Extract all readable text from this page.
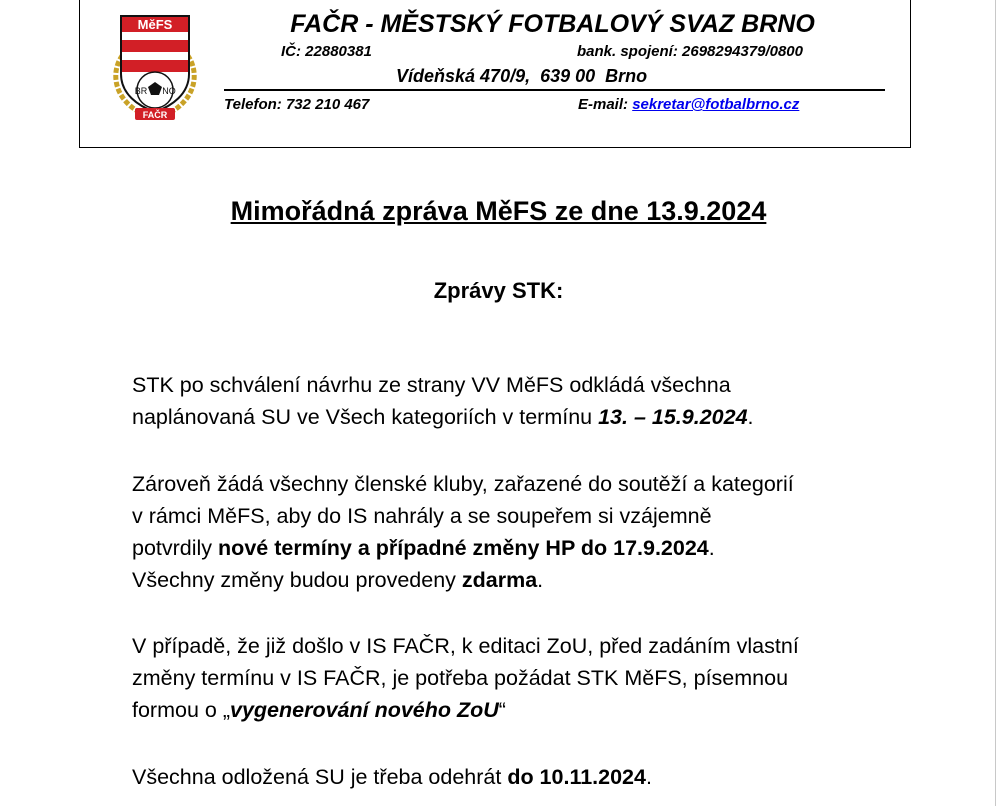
MěFS
BR NO
FAČR
FAČR - MĚSTSKÝ FOTBALOVÝ SVAZ BRNO
IČ: 22880381	bank. spojení: 2698294379/0800
Vídeňská 470/9,  639 00  Brno
Telefon: 732 210 467	E-mail: sekretar@fotbalbrno.cz
Mimořádná zpráva MěFS ze dne 13.9.2024
Zprávy STK:
STK po schválení návrhu ze strany VV MěFS odkládá všechna
naplánovaná SU ve Všech kategoriích v termínu 13. – 15.9.2024.
Zároveň žádá všechny členské kluby, zařazené do soutěží a kategorií
v rámci MěFS, aby do IS nahrály a se soupeřem si vzájemně
potvrdily nové termíny a případné změny HP do 17.9.2024.
Všechny změny budou provedeny zdarma.
V případě, že již došlo v IS FAČR, k editaci ZoU, před zadáním vlastní
změny termínu v IS FAČR, je potřeba požádat STK MěFS, písemnou
formou o „vygenerování nového ZoU“
Všechna odložená SU je třeba odehrát do 10.11.2024.
